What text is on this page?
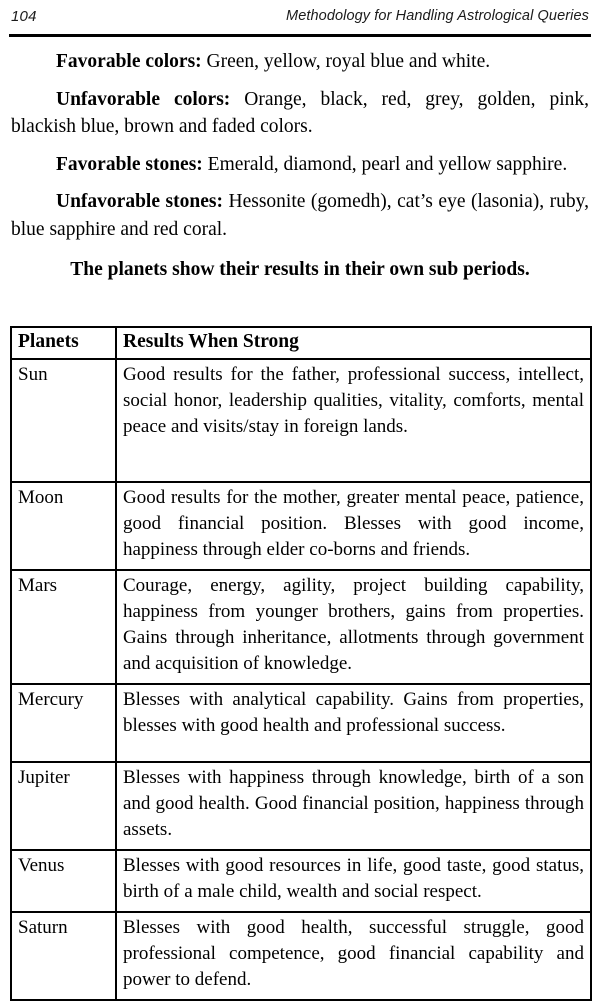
104	Methodology for Handling Astrological Queries

Favorable colors: Green, yellow, royal blue and white.

Unfavorable colors: Orange, black, red, grey, golden, pink, blackish blue, brown and faded colors.

Favorable stones: Emerald, diamond, pearl and yellow sapphire.

Unfavorable stones: Hessonite (gomedh), cat’s eye (lasonia), ruby, blue sapphire and red coral.

The planets show their results in their own sub periods.

Planets	Results When Strong
Sun	Good results for the father, professional success, intellect, social honor, leadership qualities, vitality, comforts, mental peace and visits/stay in foreign lands.
Moon	Good results for the mother, greater mental peace, patience, good financial position. Blesses with good income, happiness through elder co-borns and friends.
Mars	Courage, energy, agility, project building capability, happiness from younger brothers, gains from properties. Gains through inheritance, allotments through government and acquisition of knowledge.
Mercury	Blesses with analytical capability. Gains from properties, blesses with good health and professional success.
Jupiter	Blesses with happiness through knowledge, birth of a son and good health. Good financial position, happiness through assets.
Venus	Blesses with good resources in life, good taste, good status, birth of a male child, wealth and social respect.
Saturn	Blesses with good health, successful struggle, good professional competence, good financial capability and power to defend.
